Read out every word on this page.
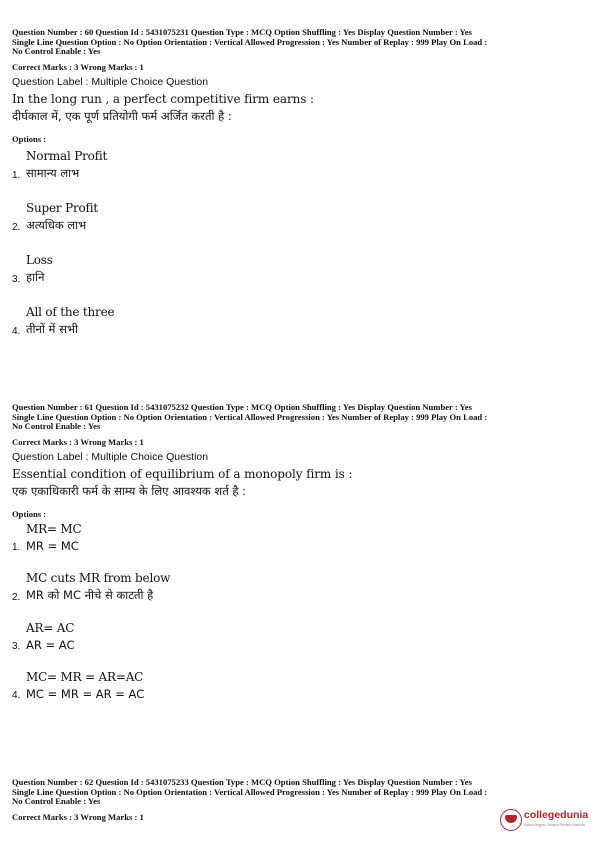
Question Number : 60 Question Id : 5431075231 Question Type : MCQ Option Shuffling : Yes Display Question Number : Yes
Single Line Question Option : No Option Orientation : Vertical Allowed Progression : Yes Number of Replay : 999 Play On Load :
No Control Enable : Yes
Correct Marks : 3 Wrong Marks : 1
Question Label : Multiple Choice Question
In the long run , a perfect competitive firm earns :
दीर्घकाल में, एक पूर्ण प्रतियोगी फर्म अर्जित करती है :
Options :
Normal Profit
सामान्य लाभ
1.
Super Profit
अत्यधिक लाभ
2.
Loss
हानि
3.
All of the three
तीनों में सभी
4.
Question Number : 61 Question Id : 5431075232 Question Type : MCQ Option Shuffling : Yes Display Question Number : Yes
Single Line Question Option : No Option Orientation : Vertical Allowed Progression : Yes Number of Replay : 999 Play On Load :
No Control Enable : Yes
Correct Marks : 3 Wrong Marks : 1
Question Label : Multiple Choice Question
Essential condition of equilibrium of a monopoly firm is :
एक एकाधिकारी फर्म के साम्य के लिए आवश्यक शर्त है :
Options :
MR= MC
MR = MC
1.
MC cuts MR from below
MR को MC नीचे से काटती है
2.
AR= AC
AR = AC
3.
MC= MR = AR=AC
MC = MR = AR = AC
4.
Question Number : 62 Question Id : 5431075233 Question Type : MCQ Option Shuffling : Yes Display Question Number : Yes
Single Line Question Option : No Option Orientation : Vertical Allowed Progression : Yes Number of Replay : 999 Play On Load :
No Control Enable : Yes
Correct Marks : 3 Wrong Marks : 1	collegedunia
India's largest Student Review Platform
